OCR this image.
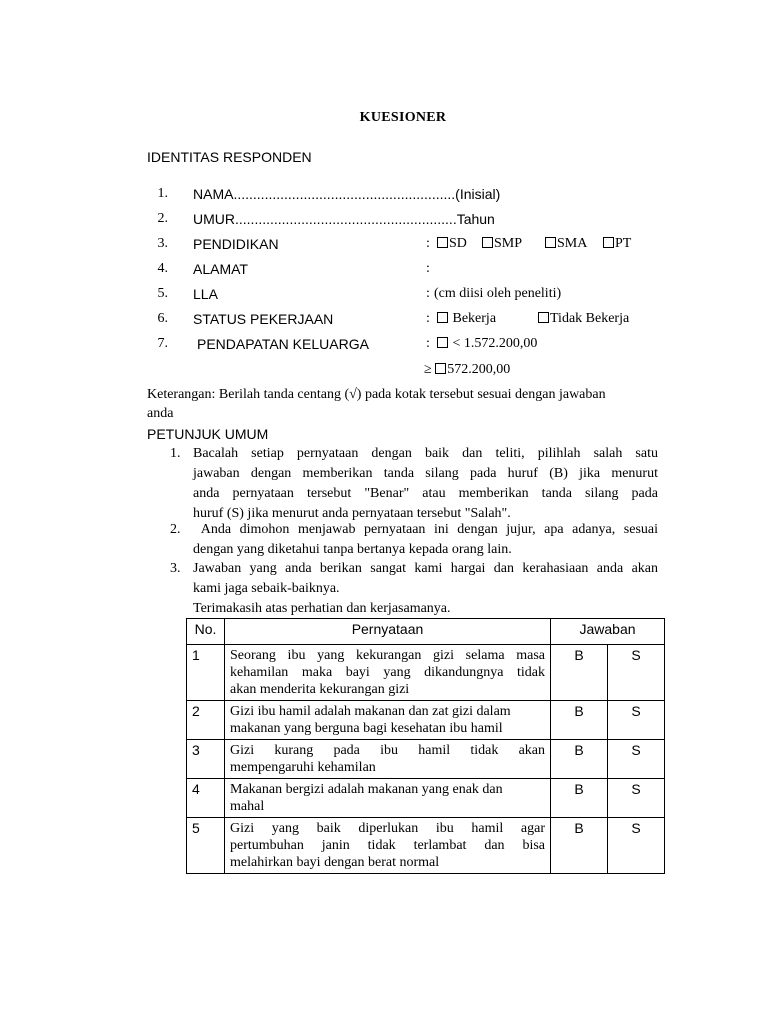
KUESIONER
IDENTITAS RESPONDEN
1. NAMA.........................................................(Inisial)
2. UMUR.........................................................Tahun
3. PENDIDIKAN	:	SD	SMP	SMA	PT
4. ALAMAT	:
5. LLA	: (cm diisi oleh peneliti)
6. STATUS PEKERJAAN	:	Bekerja	Tidak Bekerja
7. PENDAPATAN KELUARGA	:	< 1.572.200,00
≥ 572.200,00
Keterangan: Berilah tanda centang (√) pada kotak tersebut sesuai dengan jawaban
anda
PETUNJUK UMUM
1. Bacalah setiap pernyataan dengan baik dan teliti, pilihlah salah satu
jawaban dengan memberikan tanda silang pada huruf (B) jika menurut
anda pernyataan tersebut "Benar" atau memberikan tanda silang pada
huruf (S) jika menurut anda pernyataan tersebut "Salah".
2. Anda dimohon menjawab pernyataan ini dengan jujur, apa adanya, sesuai
dengan yang diketahui tanpa bertanya kepada orang lain.
3. Jawaban yang anda berikan sangat kami hargai dan kerahasiaan anda akan
kami jaga sebaik-baiknya.
Terimakasih atas perhatian dan kerjasamanya.
No.	Pernyataan	Jawaban	
1	Seorang ibu yang kekurangan gizi selama masa
kehamilan maka bayi yang dikandungnya tidak
akan menderita kekurangan gizi	B	S
2	Gizi ibu hamil adalah makanan dan zat gizi dalam
makanan yang berguna bagi kesehatan ibu hamil	B	S
3	Gizi kurang pada ibu hamil tidak akan
mempengaruhi kehamilan	B	S
4	Makanan bergizi adalah makanan yang enak dan
mahal	B	S
5	Gizi yang baik diperlukan ibu hamil agar
pertumbuhan janin tidak terlambat dan bisa
melahirkan bayi dengan berat normal	B	S
